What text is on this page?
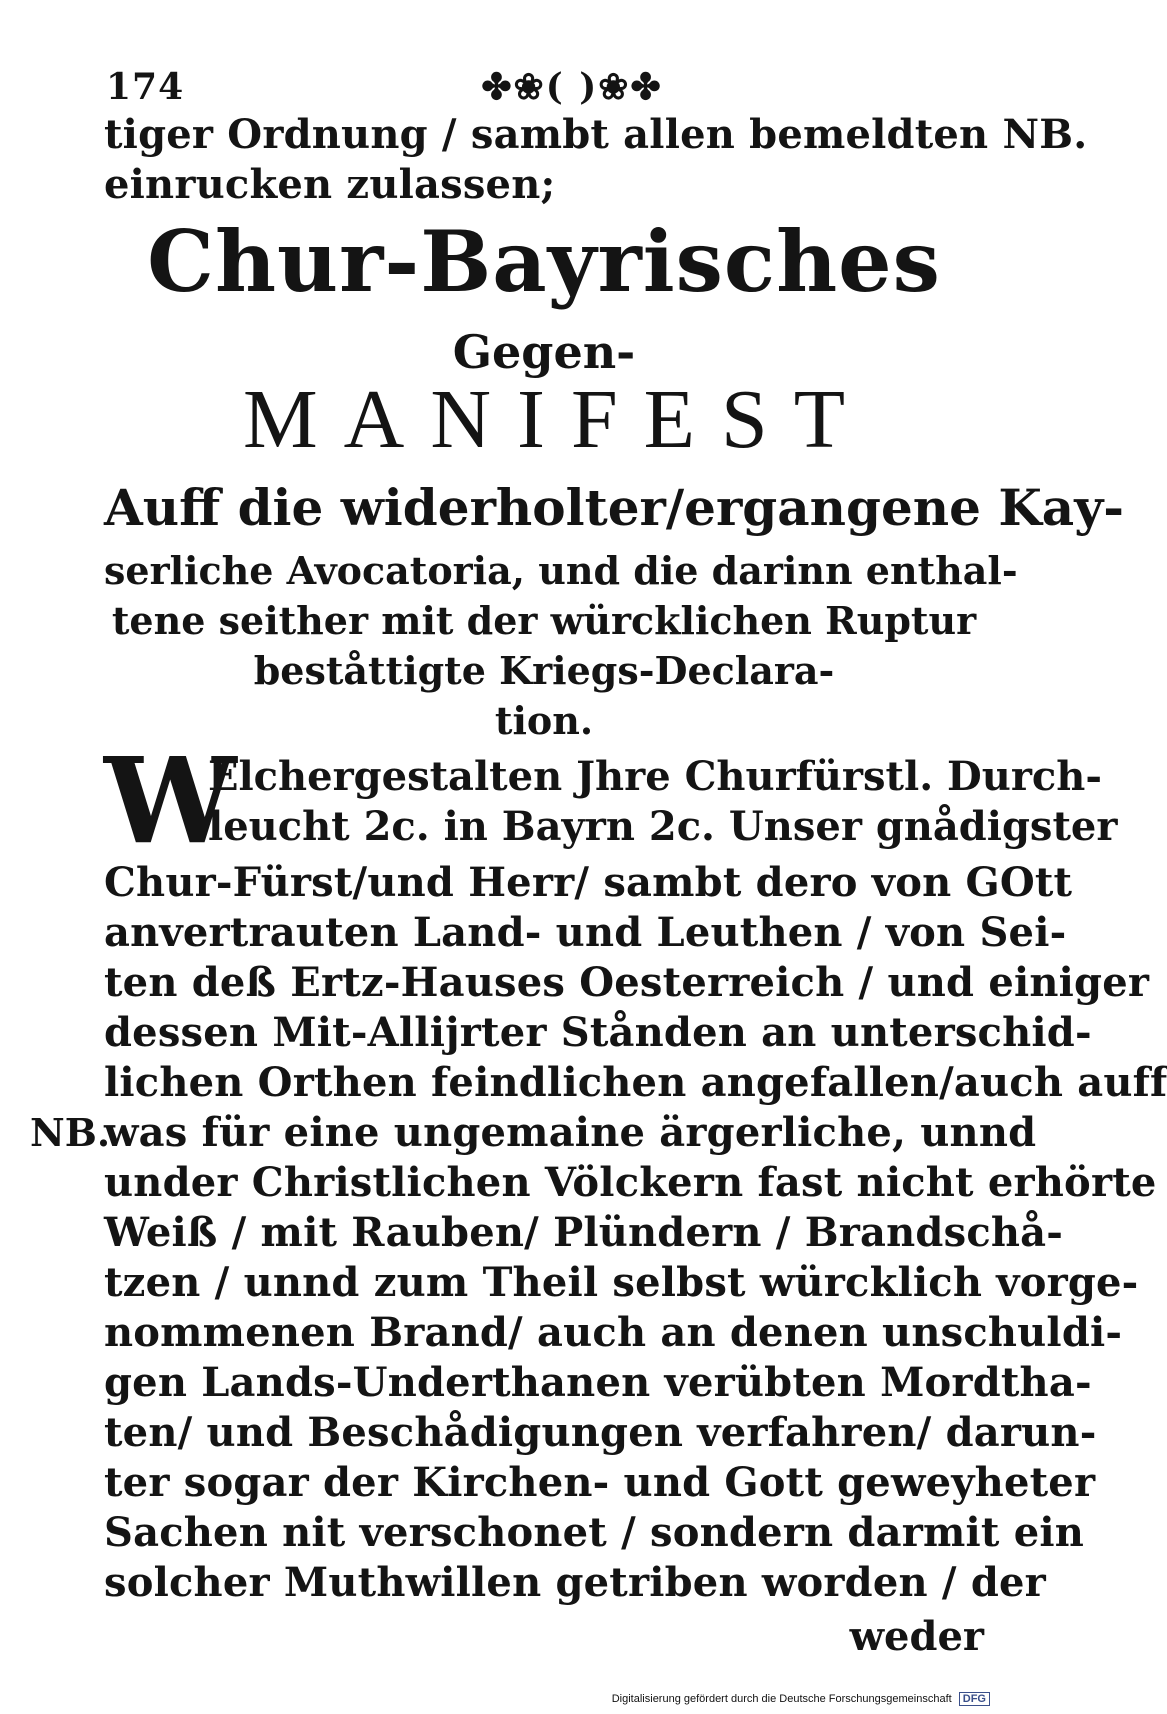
174	✤❀( )❀✤
tiger Ordnung / sambt allen bemeldten NB.
einrucken zulassen;
Chur-Bayrisches
Gegen-
MANIFEST
Auff die widerholter/ergangene Kay-
serliche Avocatoria, und die darinn enthal-
tene seither mit der würcklichen Ruptur
beståttigte Kriegs-Declara-
tion.
W
Elchergestalten Jhre Churfürstl. Durch-
leucht 2c. in Bayrn 2c. Unser gnådigster
Chur-Fürst/und Herr/ sambt dero von GOtt
anvertrauten Land- und Leuthen / von Sei-
ten deß Ertz-Hauses Oesterreich / und einiger
dessen Mit-Allijrter Stånden an unterschid-
lichen Orthen feindlichen angefallen/auch auff
was für eine ungemaine ärgerliche, unnd
under Christlichen Völckern fast nicht erhörte
Weiß / mit Rauben/ Plündern / Brandschå-
tzen / unnd zum Theil selbst würcklich vorge-
nommenen Brand/ auch an denen unschuldi-
gen Lands-Underthanen verübten Mordtha-
ten/ und Beschådigungen verfahren/ darun-
ter sogar der Kirchen- und Gott geweyheter
Sachen nit verschonet / sondern darmit ein
solcher Muthwillen getriben worden / der
NB.
weder
Digitalisierung gefördert durch die Deutsche Forschungsgemeinschaft DFG
